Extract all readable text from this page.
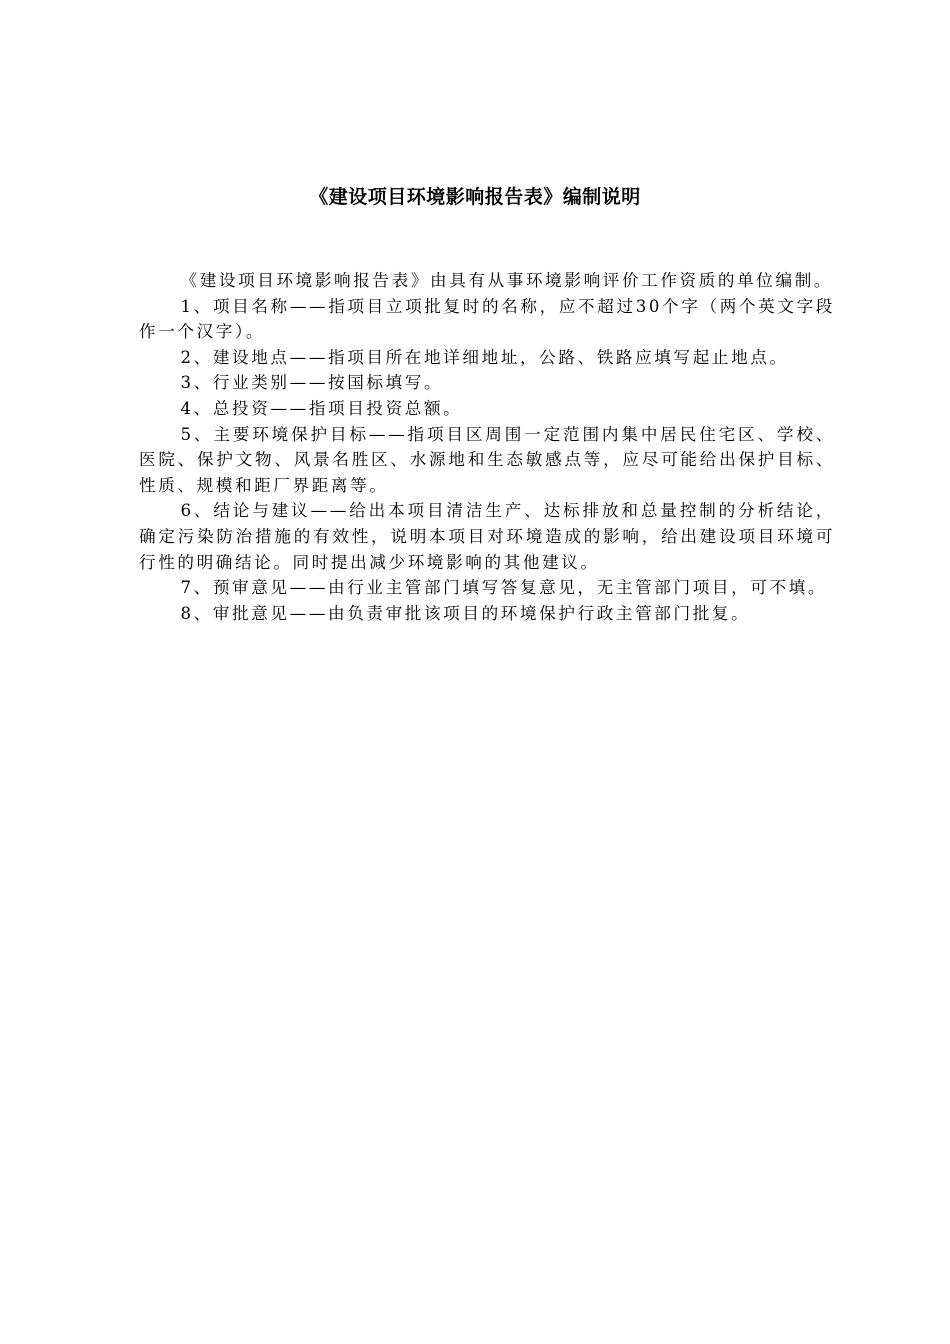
《建设项目环境影响报告表》编制说明

《建设项目环境影响报告表》由具有从事环境影响评价工作资质的单位编制。

1、项目名称——指项目立项批复时的名称，应不超过30个字（两个英文字段作一个汉字）。

2、建设地点——指项目所在地详细地址，公路、铁路应填写起止地点。

3、行业类别——按国标填写。

4、总投资——指项目投资总额。

5、主要环境保护目标——指项目区周围一定范围内集中居民住宅区、学校、医院、保护文物、风景名胜区、水源地和生态敏感点等，应尽可能给出保护目标、性质、规模和距厂界距离等。

6、结论与建议——给出本项目清洁生产、达标排放和总量控制的分析结论，确定污染防治措施的有效性，说明本项目对环境造成的影响，给出建设项目环境可行性的明确结论。同时提出减少环境影响的其他建议。

7、预审意见——由行业主管部门填写答复意见，无主管部门项目，可不填。

8、审批意见——由负责审批该项目的环境保护行政主管部门批复。
